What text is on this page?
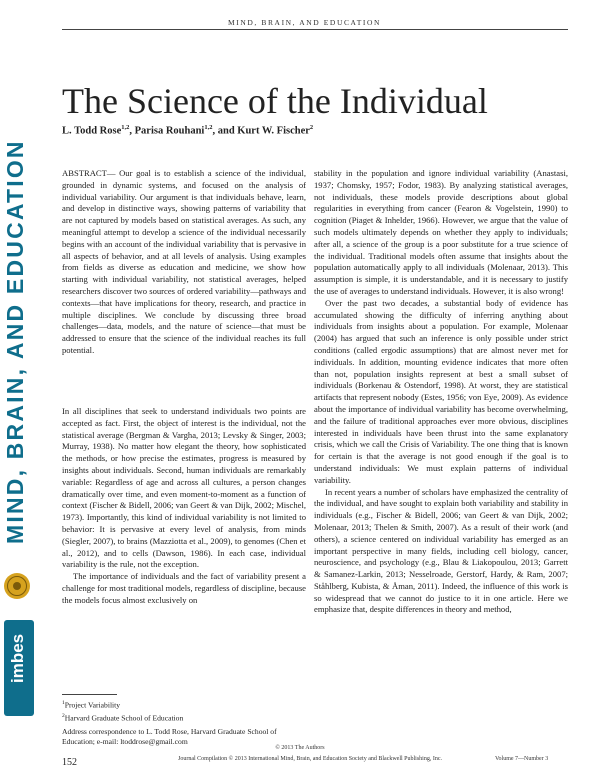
MIND, BRAIN, AND EDUCATION
imbes
MIND, BRAIN, AND EDUCATION
The Science of the Individual
L. Todd Rose$^{1,2}$, Parisa Rouhani$^{1,2}$, and Kurt W. Fischer$^2$

ABSTRACT— Our goal is to establish a science of the individual, grounded in dynamic systems, and focused on the analysis of individual variability. Our argument is that individuals behave, learn, and develop in distinctive ways, showing patterns of variability that are not captured by models based on statistical averages. As such, any meaningful attempt to develop a science of the individual necessarily begins with an account of the individual variability that is pervasive in all aspects of behavior, and at all levels of analysis. Using examples from fields as diverse as education and medicine, we show how starting with individual variability, not statistical averages, helped researchers discover two sources of ordered variability—pathways and contexts—that have implications for theory, research, and practice in multiple disciplines. We conclude by discussing three broad challenges—data, models, and the nature of science—that must be addressed to ensure that the science of the individual reaches its full potential.

In all disciplines that seek to understand individuals two points are accepted as fact. First, the object of interest is the individual, not the statistical average (Bergman & Vargha, 2013; Levsky & Singer, 2003; Murray, 1938). No matter how elegant the theory, how sophisticated the methods, or how precise the estimates, progress is measured by insights about individuals. Second, human individuals are remarkably variable: Regardless of age and across all cultures, a person changes dramatically over time, and even moment-to-moment as a function of context (Fischer & Bidell, 2006; van Geert & van Dijk, 2002; Mischel, 1973). Importantly, this kind of individual variability is not limited to behavior: It is pervasive at every level of analysis, from minds (Siegler, 2007), to brains (Mazziotta et al., 2009), to genomes (Chen et al., 2012), and to cells (Dawson, 1986). In each case, individual variability is the rule, not the exception.

The importance of individuals and the fact of variability present a challenge for most traditional models, regardless of discipline, because the models focus almost exclusively on

stability in the population and ignore individual variability (Anastasi, 1937; Chomsky, 1957; Fodor, 1983). By analyzing statistical averages, not individuals, these models provide descriptions about global regularities in everything from cancer (Fearon & Vogelstein, 1990) to cognition (Piaget & Inhelder, 1966). However, we argue that the value of such models ultimately depends on whether they apply to individuals; after all, a science of the group is a poor substitute for a true science of the individual. Traditional models often assume that insights about the population automatically apply to all individuals (Molenaar, 2013). This assumption is simple, it is understandable, and it is necessary to justify the use of averages to understand individuals. However, it is also wrong!

Over the past two decades, a substantial body of evidence has accumulated showing the difficulty of inferring anything about individuals from insights about a population. For example, Molenaar (2004) has argued that such an inference is only possible under strict conditions (called ergodic assumptions) that are almost never met for individuals. In addition, mounting evidence indicates that more often than not, population insights represent at best a small subset of individuals (Borkenau & Ostendorf, 1998). At worst, they are statistical artifacts that represent nobody (Estes, 1956; von Eye, 2009). As evidence about the importance of individual variability has become overwhelming, and the failure of traditional approaches ever more obvious, disciplines interested in individuals have been thrust into the same explanatory crisis, which we call the Crisis of Variability. The one thing that is known for certain is that the average is not good enough if the goal is to understand individuals: We must explain patterns of individual variability.

In recent years a number of scholars have emphasized the centrality of the individual, and have sought to explain both variability and stability in individuals (e.g., Fischer & Bidell, 2006; van Geert & van Dijk, 2002; Molenaar, 2013; Thelen & Smith, 2007). As a result of their work (and others), a science centered on individual variability has emerged as an important perspective in many fields, including cell biology, cancer, neuroscience, and psychology (e.g., Blau & Liakopoulou, 2013; Garrett & Samanez-Larkin, 2013; Nesselroade, Gerstorf, Hardy, & Ram, 2007; Ståhlberg, Kubista, & Åman, 2011). Indeed, the influence of this work is so widespread that we cannot do justice to it in one article. Here we emphasize that, despite differences in theory and method,

$^1$Project Variability

$^2$Harvard Graduate School of Education

Address correspondence to L. Todd Rose, Harvard Graduate School of Education; e-mail: ltoddrose@gmail.com

© 2013 The Authors
152	Journal Compilation © 2013 International Mind, Brain, and Education Society and Blackwell Publishing, Inc.	Volume 7—Number 3
